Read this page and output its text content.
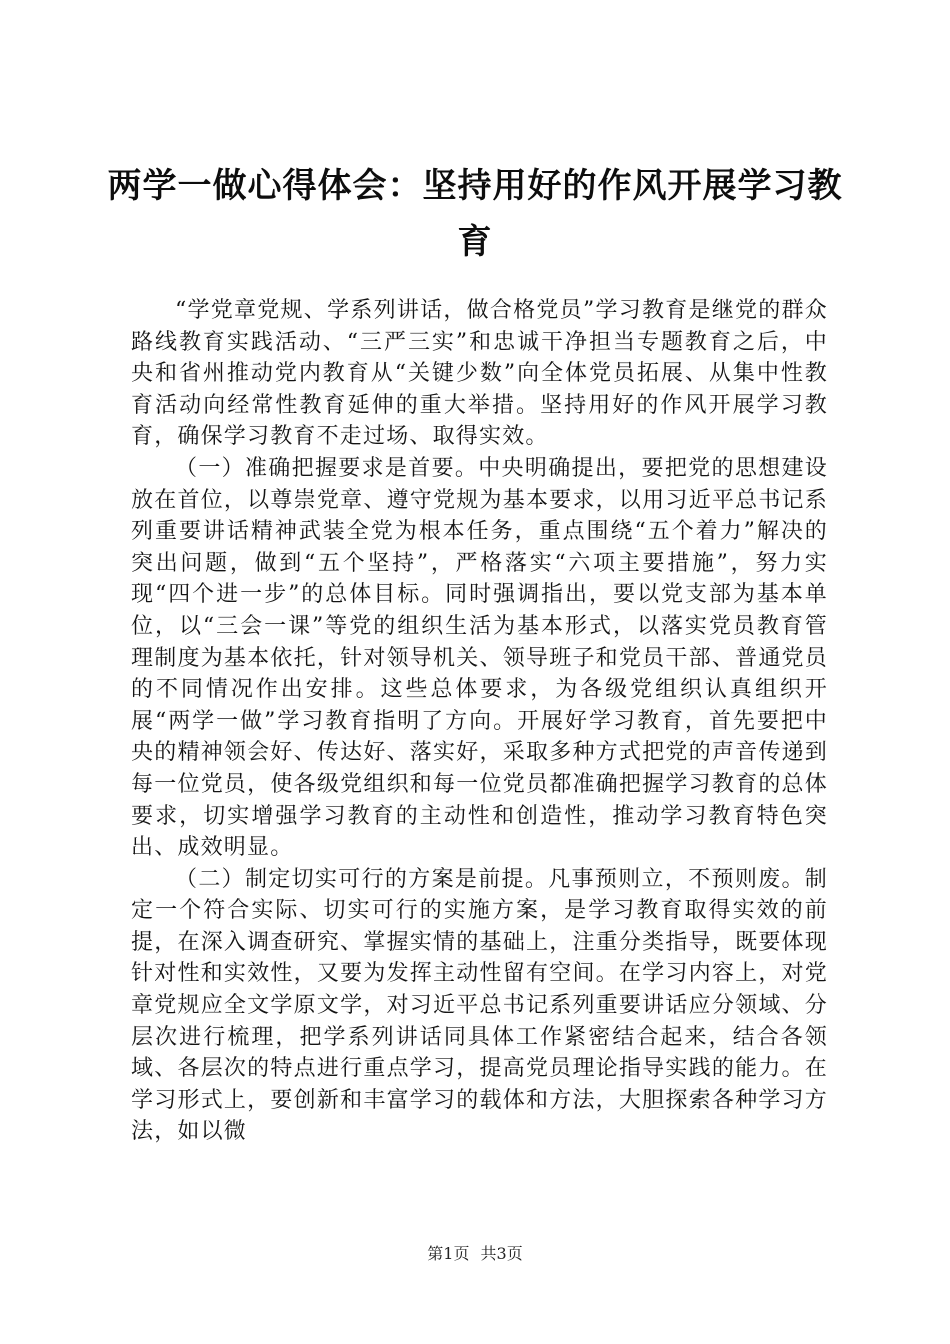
两学一做心得体会：坚持用好的作风开展学习教育

“学党章党规、学系列讲话，做合格党员”学习教育是继党的群众路线教育实践活动、“三严三实”和忠诚干净担当专题教育之后，中央和省州推动党内教育从“关键少数”向全体党员拓展、从集中性教育活动向经常性教育延伸的重大举措。坚持用好的作风开展学习教育，确保学习教育不走过场、取得实效。

（一）准确把握要求是首要。中央明确提出，要把党的思想建设放在首位，以尊崇党章、遵守党规为基本要求，以用习近平总书记系列重要讲话精神武装全党为根本任务，重点围绕“五个着力”解决的突出问题，做到“五个坚持”，严格落实“六项主要措施”，努力实现“四个进一步”的总体目标。同时强调指出，要以党支部为基本单位，以“三会一课”等党的组织生活为基本形式，以落实党员教育管理制度为基本依托，针对领导机关、领导班子和党员干部、普通党员的不同情况作出安排。这些总体要求，为各级党组织认真组织开展“两学一做”学习教育指明了方向。开展好学习教育，首先要把中央的精神领会好、传达好、落实好，采取多种方式把党的声音传递到每一位党员，使各级党组织和每一位党员都准确把握学习教育的总体要求，切实增强学习教育的主动性和创造性，推动学习教育特色突出、成效明显。

（二）制定切实可行的方案是前提。凡事预则立，不预则废。制定一个符合实际、切实可行的实施方案，是学习教育取得实效的前提，在深入调查研究、掌握实情的基础上，注重分类指导，既要体现针对性和实效性，又要为发挥主动性留有空间。在学习内容上，对党章党规应全文学原文学，对习近平总书记系列重要讲话应分领域、分层次进行梳理，把学系列讲话同具体工作紧密结合起来，结合各领域、各层次的特点进行重点学习，提高党员理论指导实践的能力。在学习形式上，要创新和丰富学习的载体和方法，大胆探索各种学习方法，如以微

第1页 共3页
